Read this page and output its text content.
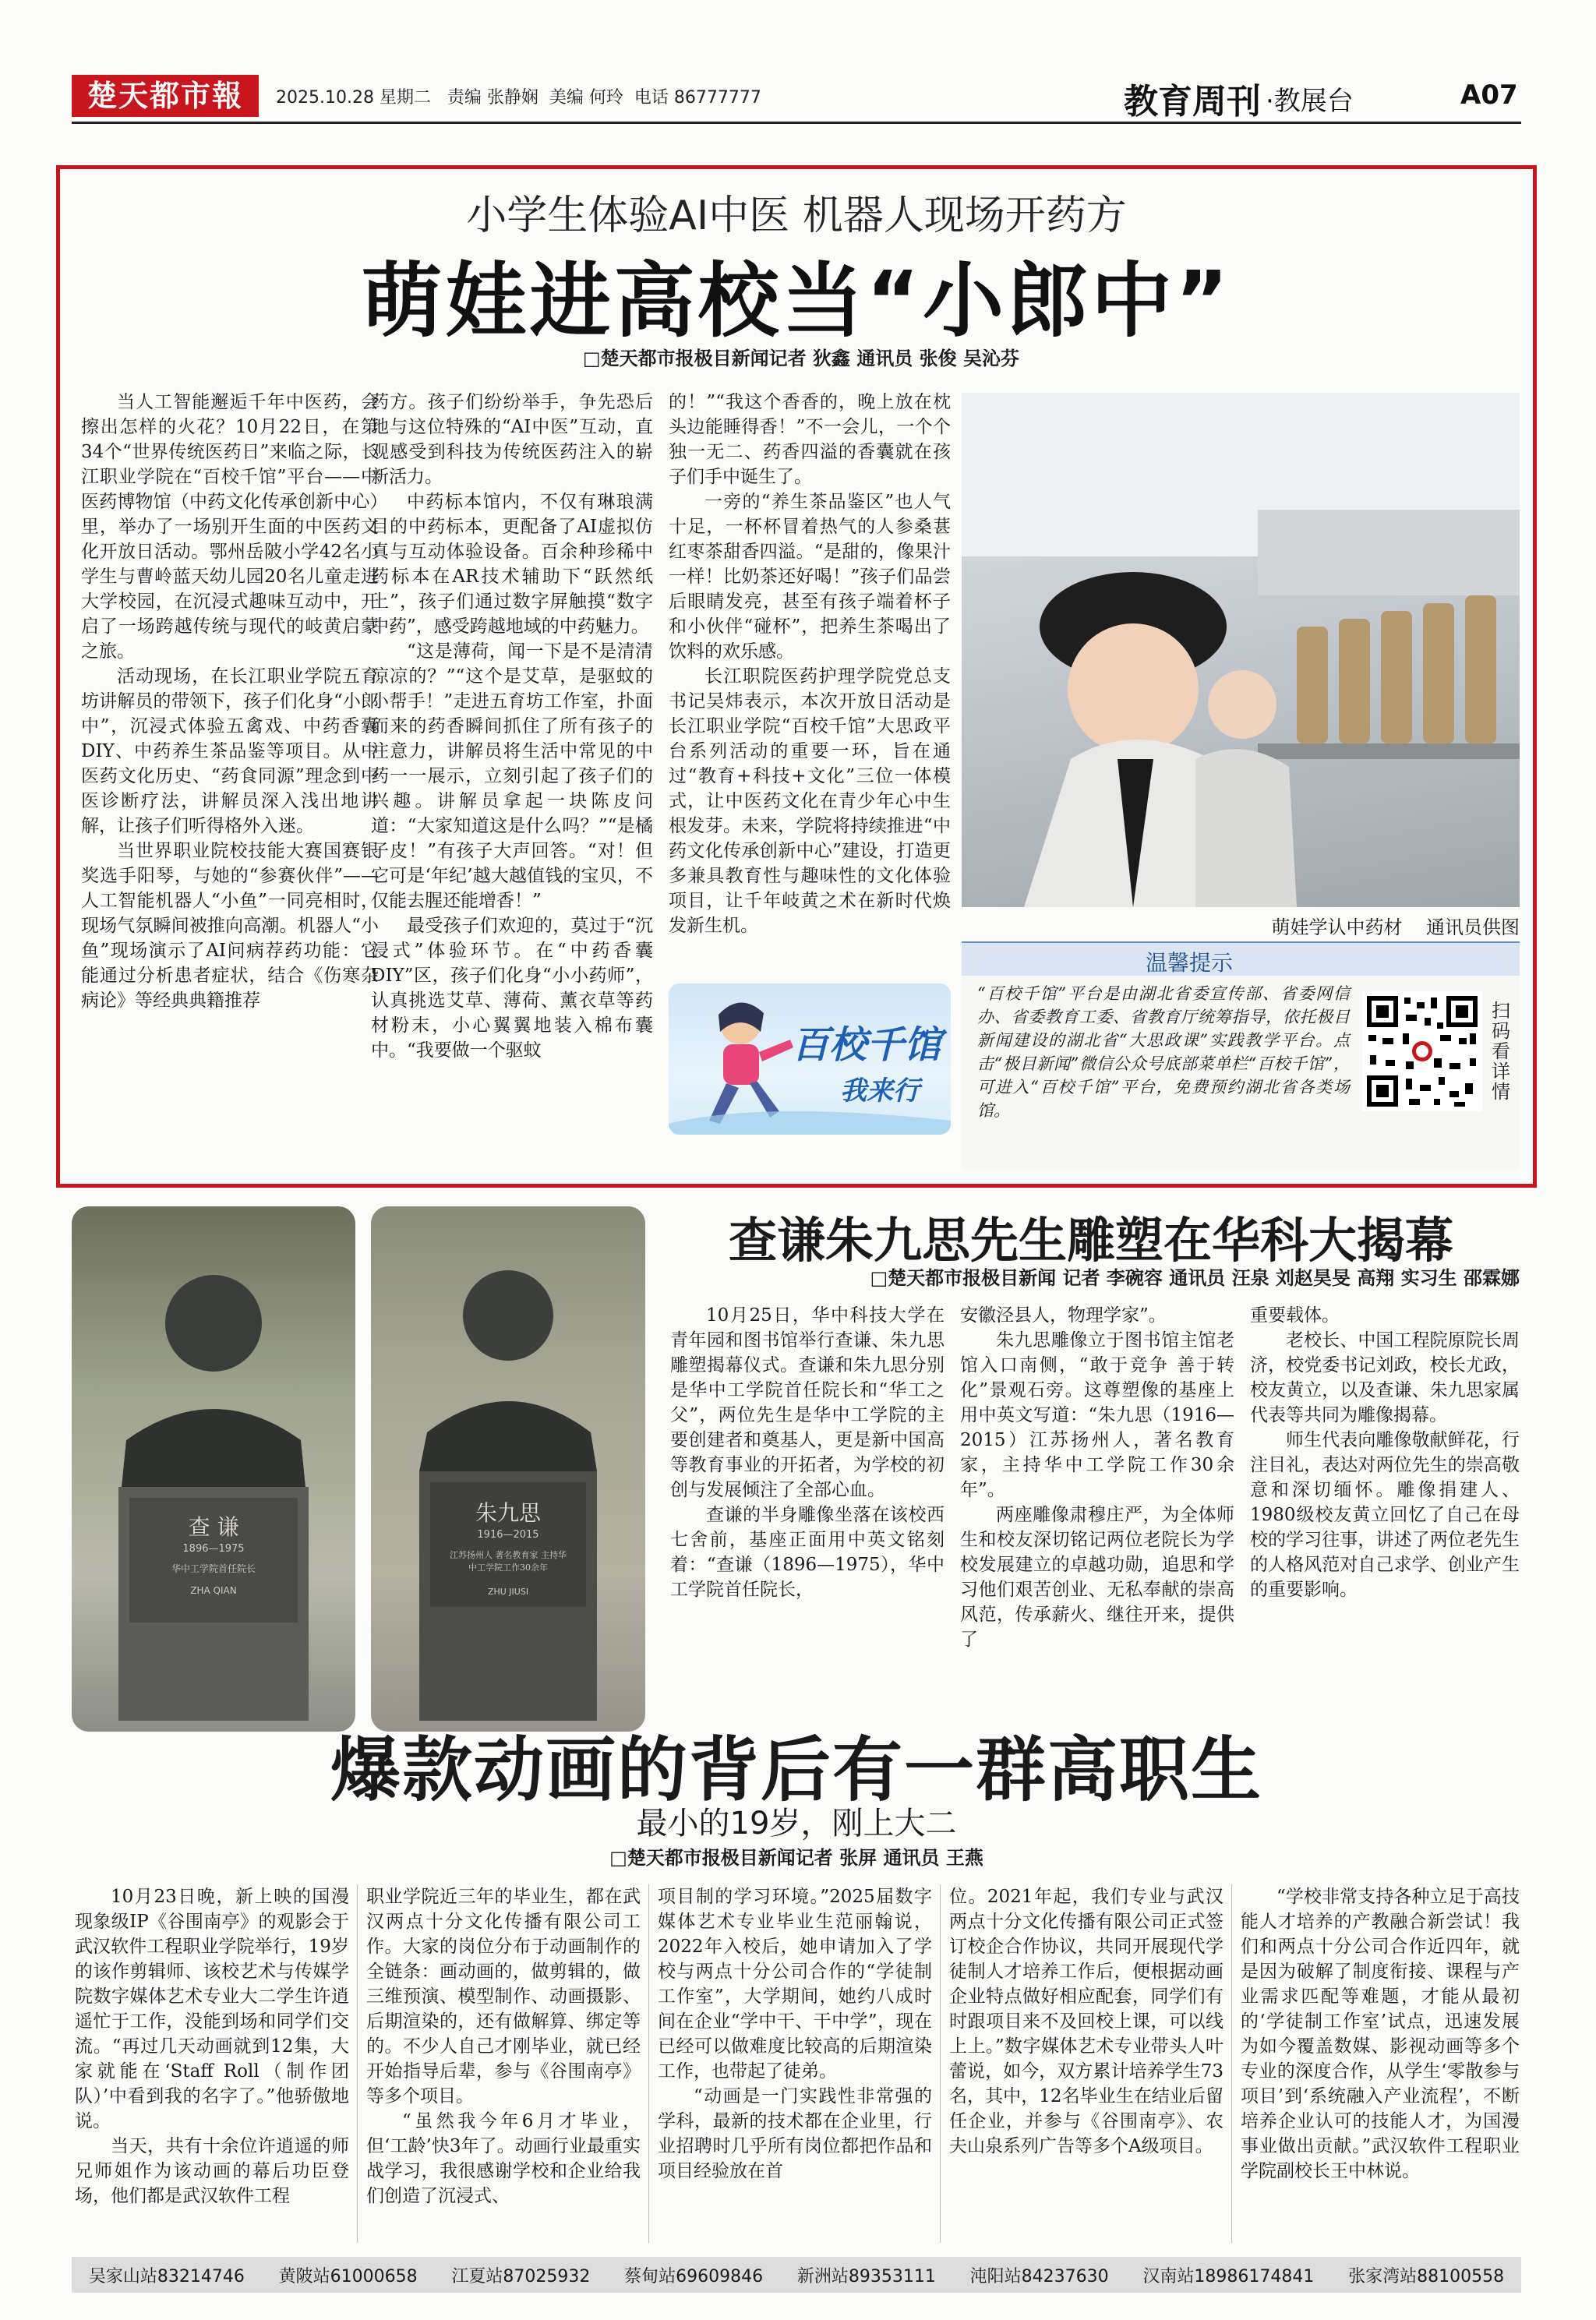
楚天都市報	2025.10.28 星期二   责编 张静娴  美编 何玲  电话 86777777	教育周刊 ·教展台	A07
小学生体验AI中医 机器人现场开药方
萌娃进高校当“小郎中”
□楚天都市报极目新闻记者 狄鑫 通讯员 张俊 吴沁芬

当人工智能邂逅千年中医药，会擦出怎样的火花？10月22日，在第34个“世界传统医药日”来临之际，长江职业学院在“百校千馆”平台——中医药博物馆（中药文化传承创新中心）里，举办了一场别开生面的中医药文化开放日活动。鄂州岳陂小学42名小学生与曹岭蓝天幼儿园20名儿童走进大学校园，在沉浸式趣味互动中，开启了一场跨越传统与现代的岐黄启蒙之旅。

活动现场，在长江职业学院五育坊讲解员的带领下，孩子们化身“小郎中”，沉浸式体验五禽戏、中药香囊DIY、中药养生茶品鉴等项目。从中医药文化历史、“药食同源”理念到中医诊断疗法，讲解员深入浅出地讲解，让孩子们听得格外入迷。

当世界职业院校技能大赛国赛银奖选手阳琴，与她的“参赛伙伴”——人工智能机器人“小鱼”一同亮相时，现场气氛瞬间被推向高潮。机器人“小鱼”现场演示了AI问病荐药功能：它能通过分析患者症状，结合《伤寒杂病论》等经典典籍推荐

药方。孩子们纷纷举手，争先恐后地与这位特殊的“AI中医”互动，直观感受到科技为传统医药注入的崭新活力。

中药标本馆内，不仅有琳琅满目的中药标本，更配备了AI虚拟仿真与互动体验设备。百余种珍稀中药标本在AR技术辅助下“跃然纸上”，孩子们通过数字屏触摸“数字中药”，感受跨越地域的中药魅力。

“这是薄荷，闻一下是不是清清凉凉的？”“这个是艾草，是驱蚊的小帮手！”走进五育坊工作室，扑面而来的药香瞬间抓住了所有孩子的注意力，讲解员将生活中常见的中药一一展示，立刻引起了孩子们的兴趣。讲解员拿起一块陈皮问道：“大家知道这是什么吗？”“是橘子皮！”有孩子大声回答。“对！但它可是‘年纪’越大越值钱的宝贝，不仅能去腥还能增香！”

最受孩子们欢迎的，莫过于“沉浸式”体验环节。在“中药香囊DIY”区，孩子们化身“小小药师”，认真挑选艾草、薄荷、薰衣草等药材粉末，小心翼翼地装入棉布囊中。“我要做一个驱蚊

的！”“我这个香香的，晚上放在枕头边能睡得香！”不一会儿，一个个独一无二、药香四溢的香囊就在孩子们手中诞生了。

一旁的“养生茶品鉴区”也人气十足，一杯杯冒着热气的人参桑葚红枣茶甜香四溢。“是甜的，像果汁一样！比奶茶还好喝！”孩子们品尝后眼睛发亮，甚至有孩子端着杯子和小伙伴“碰杯”，把养生茶喝出了饮料的欢乐感。

长江职院医药护理学院党总支书记吴炜表示，本次开放日活动是长江职业学院“百校千馆”大思政平台系列活动的重要一环，旨在通过“教育+科技+文化”三位一体模式，让中医药文化在青少年心中生根发芽。未来，学院将持续推进“中药文化传承创新中心”建设，打造更多兼具教育性与趣味性的文化体验项目，让千年岐黄之术在新时代焕发新生机。

百校千馆
我来行
萌娃学认中药材    通讯员供图
温馨提示
“百校千馆”平台是由湖北省委宣传部、省委网信办、省委教育工委、省教育厅统筹指导，依托极目新闻建设的湖北省“大思政课”实践教学平台。点击“极目新闻”微信公众号底部菜单栏“百校千馆”，可进入“百校千馆”平台，免费预约湖北省各类场馆。
扫码看详情
查 谦
1896—1975
华中工学院首任院长
ZHA QIAN
朱九思
1916—2015
江苏扬州人 著名教育家 主持华中工学院工作30余年
ZHU JIUSI
查谦朱九思先生雕塑在华科大揭幕
□楚天都市报极目新闻 记者 李碗容 通讯员 汪泉 刘赵昊旻 高翔 实习生 邵霖娜

10月25日，华中科技大学在青年园和图书馆举行查谦、朱九思雕塑揭幕仪式。查谦和朱九思分别是华中工学院首任院长和“华工之父”，两位先生是华中工学院的主要创建者和奠基人，更是新中国高等教育事业的开拓者，为学校的初创与发展倾注了全部心血。

查谦的半身雕像坐落在该校西七舍前，基座正面用中英文铭刻着：“查谦（1896—1975），华中工学院首任院长，

安徽泾县人，物理学家”。

朱九思雕像立于图书馆主馆老馆入口南侧，“敢于竞争 善于转化”景观石旁。这尊塑像的基座上用中英文写道：“朱九思（1916—2015）江苏扬州人，著名教育家，主持华中工学院工作30余年”。

两座雕像肃穆庄严，为全体师生和校友深切铭记两位老院长为学校发展建立的卓越功勋，追思和学习他们艰苦创业、无私奉献的崇高风范，传承薪火、继往开来，提供了

重要载体。

老校长、中国工程院原院长周济，校党委书记刘政，校长尤政，校友黄立，以及查谦、朱九思家属代表等共同为雕像揭幕。

师生代表向雕像敬献鲜花，行注目礼，表达对两位先生的崇高敬意和深切缅怀。雕像捐建人、1980级校友黄立回忆了自己在母校的学习往事，讲述了两位老先生的人格风范对自己求学、创业产生的重要影响。

爆款动画的背后有一群高职生
最小的19岁，刚上大二
□楚天都市报极目新闻记者 张屏 通讯员 王燕

10月23日晚，新上映的国漫现象级IP《谷围南亭》的观影会于武汉软件工程职业学院举行，19岁的该作剪辑师、该校艺术与传媒学院数字媒体艺术专业大二学生许逍遥忙于工作，没能到场和同学们交流。“再过几天动画就到12集，大家就能在‘Staff Roll（制作团队）’中看到我的名字了。”他骄傲地说。

当天，共有十余位许逍遥的师兄师姐作为该动画的幕后功臣登场，他们都是武汉软件工程

职业学院近三年的毕业生，都在武汉两点十分文化传播有限公司工作。大家的岗位分布于动画制作的全链条：画动画的，做剪辑的，做三维预演、模型制作、动画摄影、后期渲染的，还有做解算、绑定等的。不少人自己才刚毕业，就已经开始指导后辈，参与《谷围南亭》等多个项目。

“虽然我今年6月才毕业，但‘工龄’快3年了。动画行业最重实战学习，我很感谢学校和企业给我们创造了沉浸式、

项目制的学习环境。”2025届数字媒体艺术专业毕业生范丽翰说，2022年入校后，她申请加入了学校与两点十分公司合作的“学徒制工作室”，大学期间，她约八成时间在企业“学中干、干中学”，现在已经可以做难度比较高的后期渲染工作，也带起了徒弟。

“动画是一门实践性非常强的学科，最新的技术都在企业里，行业招聘时几乎所有岗位都把作品和项目经验放在首

位。2021年起，我们专业与武汉两点十分文化传播有限公司正式签订校企合作协议，共同开展现代学徒制人才培养工作后，便根据动画企业特点做好相应配套，同学们有时跟项目来不及回校上课，可以线上上。”数字媒体艺术专业带头人叶蕾说，如今，双方累计培养学生73名，其中，12名毕业生在结业后留任企业，并参与《谷围南亭》、农夫山泉系列广告等多个A级项目。

“学校非常支持各种立足于高技能人才培养的产教融合新尝试！我们和两点十分公司合作近四年，就是因为破解了制度衔接、课程与产业需求匹配等难题，才能从最初的‘学徒制工作室’试点，迅速发展为如今覆盖数媒、影视动画等多个专业的深度合作，从学生‘零散参与项目’到‘系统融入产业流程’，不断培养企业认可的技能人才，为国漫事业做出贡献。”武汉软件工程职业学院副校长王中林说。

吴家山站83214746 黄陂站61000658 江夏站87025932 蔡甸站69609846 新洲站89353111 沌阳站84237630 汉南站18986174841 张家湾站88100558
